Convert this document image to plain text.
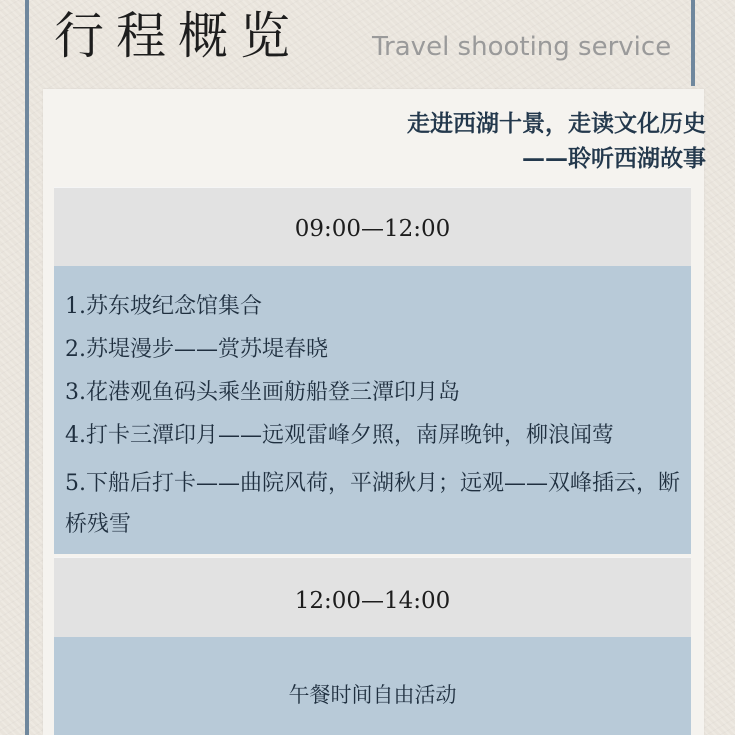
行程概览	Travel shooting service
走进西湖十景，走读文化历史
——聆听西湖故事
09:00—12:00
1.苏东坡纪念馆集合
2.苏堤漫步——赏苏堤春晓
3.花港观鱼码头乘坐画舫船登三潭印月岛
4.打卡三潭印月——远观雷峰夕照，南屏晚钟，柳浪闻莺
5.下船后打卡——曲院风荷，平湖秋月；远观——双峰插云，断桥残雪
12:00—14:00
午餐时间自由活动
